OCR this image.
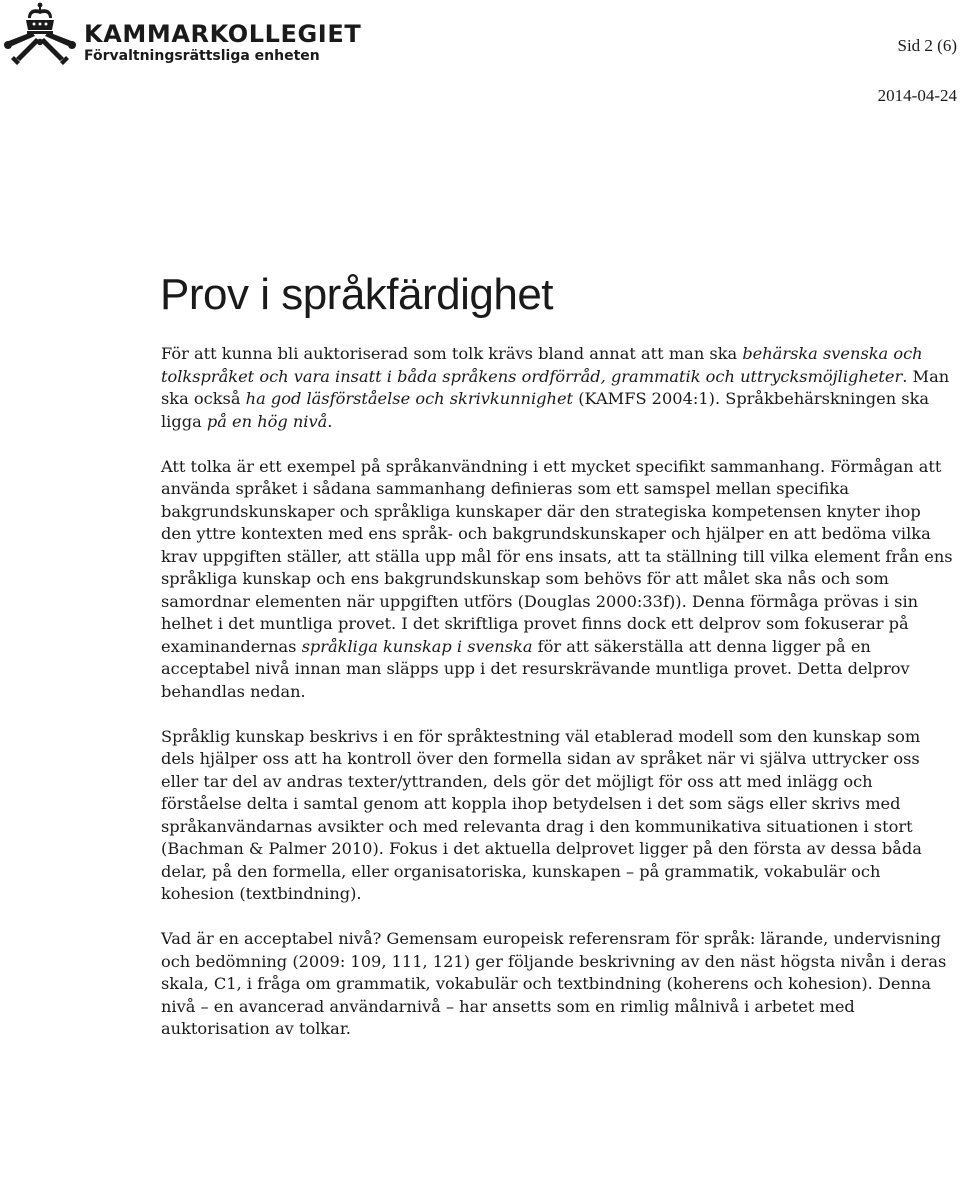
KAMMARKOLLEGIET
Förvaltningsrättsliga enheten
Sid 2 (6)
2014-04-24
Prov i språkfärdighet

För att kunna bli auktoriserad som tolk krävs bland annat att man ska behärska svenska och tolkspråket och vara insatt i båda språkens ordförråd, grammatik och uttrycksmöjligheter. Man ska också ha god läsförståelse och skrivkunnighet (KAMFS 2004:1). Språkbehärskningen ska ligga på en hög nivå.

Att tolka är ett exempel på språkanvändning i ett mycket specifikt sammanhang. Förmågan att använda språket i sådana sammanhang definieras som ett samspel mellan specifika bakgrundskunskaper och språkliga kunskaper där den strategiska kompetensen knyter ihop den yttre kontexten med ens språk- och bakgrundskunskaper och hjälper en att bedöma vilka krav uppgiften ställer, att ställa upp mål för ens insats, att ta ställning till vilka element från ens språkliga kunskap och ens bakgrundskunskap som behövs för att målet ska nås och som samordnar elementen när uppgiften utförs (Douglas 2000:33f)). Denna förmåga prövas i sin helhet i det muntliga provet. I det skriftliga provet finns dock ett delprov som fokuserar på examinandernas språkliga kunskap i svenska för att säkerställa att denna ligger på en acceptabel nivå innan man släpps upp i det resurskrävande muntliga provet. Detta delprov behandlas nedan.

Språklig kunskap beskrivs i en för språktestning väl etablerad modell som den kunskap som dels hjälper oss att ha kontroll över den formella sidan av språket när vi själva uttrycker oss eller tar del av andras texter/yttranden, dels gör det möjligt för oss att med inlägg och förståelse delta i samtal genom att koppla ihop betydelsen i det som sägs eller skrivs med språkanvändarnas avsikter och med relevanta drag i den kommunikativa situationen i stort (Bachman & Palmer 2010). Fokus i det aktuella delprovet ligger på den första av dessa båda delar, på den formella, eller organisatoriska, kunskapen – på grammatik, vokabulär och kohesion (textbindning).

Vad är en acceptabel nivå? Gemensam europeisk referensram för språk: lärande, undervisning och bedömning (2009: 109, 111, 121) ger följande beskrivning av den näst högsta nivån i deras skala, C1, i fråga om grammatik, vokabulär och textbindning (koherens och kohesion). Denna nivå – en avancerad användarnivå – har ansetts som en rimlig målnivå i arbetet med auktorisation av tolkar.
